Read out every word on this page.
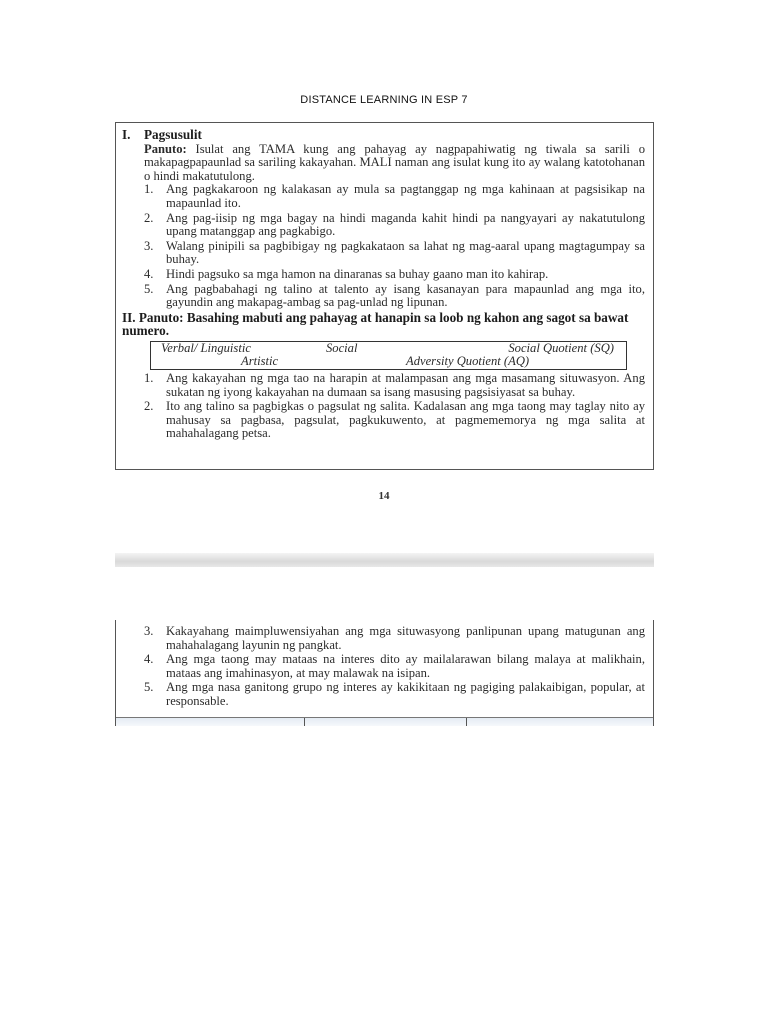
DISTANCE LEARNING IN ESP 7
I. Pagsusulit
Panuto: Isulat ang TAMA kung ang pahayag ay nagpapahiwatig ng tiwala sa sarili o makapagpapaunlad sa sariling kakayahan. MALI naman ang isulat kung ito ay walang katotohanan o hindi makatutulong.
1. Ang pagkakaroon ng kalakasan ay mula sa pagtanggap ng mga kahinaan at pagsisikap na mapaunlad ito.
2. Ang pag-iisip ng mga bagay na hindi maganda kahit hindi pa nangyayari ay nakatutulong upang matanggap ang pagkabigo.
3. Walang pinipili sa pagbibigay ng pagkakataon sa lahat ng mag-aaral upang magtagumpay sa buhay.
4. Hindi pagsuko sa mga hamon na dinaranas sa buhay gaano man ito kahirap.
5. Ang pagbabahagi ng talino at talento ay isang kasanayan para mapaunlad ang mga ito, gayundin ang makapag-ambag sa pag-unlad ng lipunan.
II. Panuto: Basahing mabuti ang pahayag at hanapin sa loob ng kahon ang sagot sa bawat numero.
Verbal/ Linguistic	Social	Social Quotient (SQ)
Artistic	Adversity Quotient (AQ)
1. Ang kakayahan ng mga tao na harapin at malampasan ang mga masamang situwasyon. Ang sukatan ng iyong kakayahan na dumaan sa isang masusing pagsisiyasat sa buhay.
2. Ito ang talino sa pagbigkas o pagsulat ng salita. Kadalasan ang mga taong may taglay nito ay mahusay sa pagbasa, pagsulat, pagkukuwento, at pagmememorya ng mga salita at mahahalagang petsa.
14
3. Kakayahang maimpluwensiyahan ang mga situwasyong panlipunan upang matugunan ang mahahalagang layunin ng pangkat.
4. Ang mga taong may mataas na interes dito ay mailalarawan bilang malaya at malikhain, mataas ang imahinasyon, at may malawak na isipan.
5. Ang mga nasa ganitong grupo ng interes ay kakikitaan ng pagiging palakaibigan, popular, at responsable.
